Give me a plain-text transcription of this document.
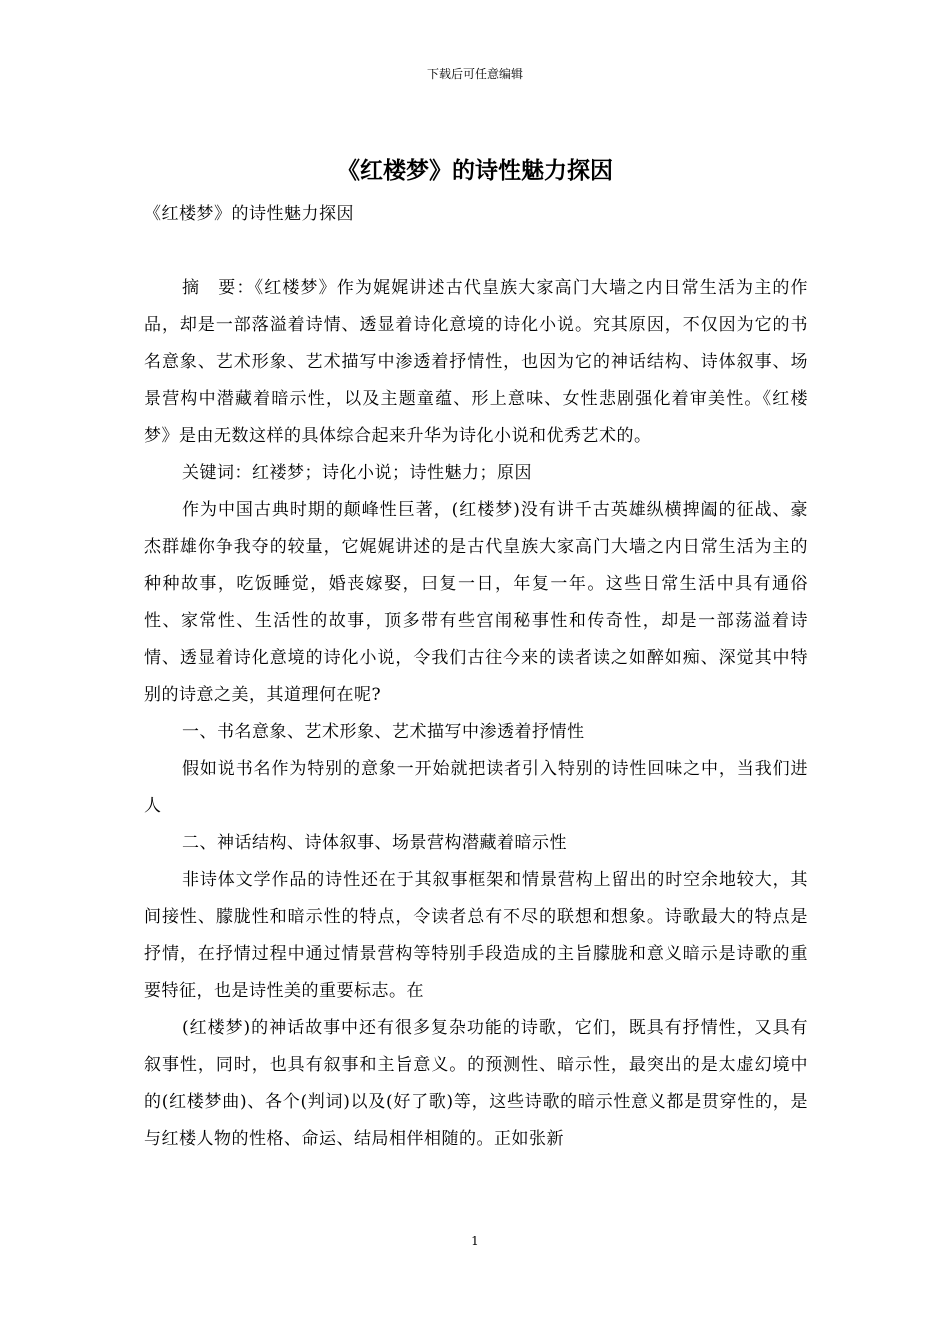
下载后可任意编辑
《红楼梦》的诗性魅力探因

《红楼梦》的诗性魅力探因

摘　要：《红楼梦》作为娓娓讲述古代皇族大家高门大墙之内日常生活为主的作品，却是一部落溢着诗情、透显着诗化意境的诗化小说。究其原因，不仅因为它的书名意象、艺术形象、艺术描写中渗透着抒情性，也因为它的神话结构、诗体叙事、场景营构中潜藏着暗示性，以及主题童蕴、形上意味、女性悲剧强化着审美性。《红楼梦》是由无数这样的具体综合起来升华为诗化小说和优秀艺术的。

关键词：红褛梦；诗化小说；诗性魅力；原因

作为中国古典时期的颠峰性巨著，(红楼梦)没有讲千古英雄纵横捭阖的征战、豪杰群雄你争我夺的较量，它娓娓讲述的是古代皇族大家高门大墙之内日常生活为主的种种故事，吃饭睡觉，婚丧嫁娶，曰复一日，年复一年。这些日常生活中具有通俗性、家常性、生活性的故事，顶多带有些宫闱秘事性和传奇性，却是一部荡溢着诗情、透显着诗化意境的诗化小说，令我们古往今来的读者读之如醉如痴、深觉其中特别的诗意之美，其道理何在呢?

一、书名意象、艺术形象、艺术描写中渗透着抒情性

假如说书名作为特别的意象一开始就把读者引入特别的诗性回味之中，当我们进人

二、神话结构、诗体叙事、场景营构潜藏着暗示性

非诗体文学作品的诗性还在于其叙事框架和情景营构上留出的时空余地较大，其间接性、朦胧性和暗示性的特点，令读者总有不尽的联想和想象。诗歌最大的特点是抒情，在抒情过程中通过情景营构等特别手段造成的主旨朦胧和意义暗示是诗歌的重要特征，也是诗性美的重要标志。在

(红楼梦)的神话故事中还有很多复杂功能的诗歌，它们，既具有抒情性，又具有叙事性，同时，也具有叙事和主旨意义。的预测性、暗示性，最突出的是太虚幻境中的(红楼梦曲)、各个(判词)以及(好了歌)等，这些诗歌的暗示性意义都是贯穿性的，是与红楼人物的性格、命运、结局相伴相随的。正如张新

1
